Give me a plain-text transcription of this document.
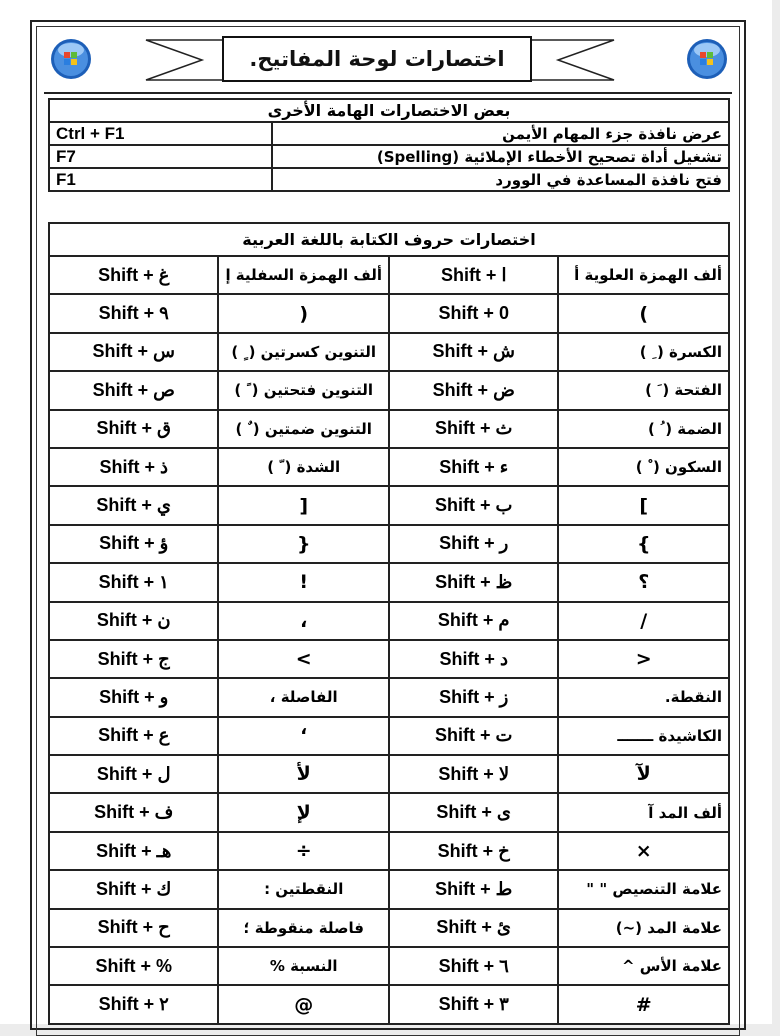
اختصارات لوحة المفاتيح.
بعض الاختصارات الهامة الأخرى	
Ctrl + F1	عرض نافذة جزء المهام الأيمن
F7	تشغيل أداة تصحيح الأخطاء الإملائية (Spelling)
F1	فتح نافذة المساعدة في الوورد
اختصارات حروف الكتابة باللغة العربية			
Shift + غ	ألف الهمزة السفلية إ	Shift + ا	ألف الهمزة العلوية أ
Shift + ٩	(	Shift + 0	)
Shift + س	التنوين كسرتين ( ٍ )	Shift + ش	الكسرة ( ِ )
Shift + ص	التنوين فتحتين ( ً )	Shift + ض	الفتحة ( َ )
Shift + ق	التنوين ضمتين ( ٌ )	Shift + ث	الضمة ( ُ )
Shift + ذ	الشدة ( ّ )	Shift + ء	السكون ( ْ )
Shift + ي	[	Shift + ب	]
Shift + ؤ	{	Shift + ر	}
Shift + ١	!	Shift + ظ	؟
Shift + ن	،	Shift + م	/
Shift + ج	>	Shift + د	<
Shift + و	الفاصلة ،	Shift + ز	النقطة.
Shift + ع	ʻ	Shift + ت	الكاشيدة ـــــــ
Shift + ل	لأ	Shift + لا	لآ
Shift + ف	لإ	Shift + ى	ألف المد آ
Shift + هـ	÷	Shift + خ	×
Shift + ك	النقطتين :	Shift + ط	علامة التنصيص " "
Shift + ح	فاصلة منقوطة ؛	Shift + ئ	علامة المد (~)
Shift + %	النسبة %	Shift + ٦	علامة الأس ^
Shift + ٢	@	Shift + ٣	#
